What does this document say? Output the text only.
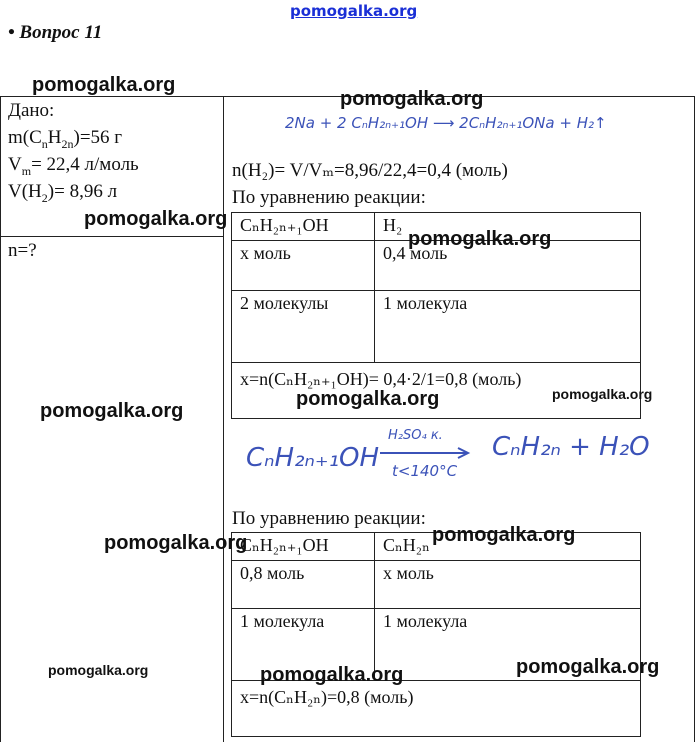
pomogalka.org
• Вопрос 11
Дано:
$m(C_nH_{2n})=56$ г
$V_m= 22,4$ л/моль
$V(H_2)= 8,96$ л
n=?
2Na + 2 CₙH₂ₙ₊₁OH ⟶ 2CₙH₂ₙ₊₁ONa + H₂↑
n(H₂)= V/Vₘ=8,96/22,4=0,4 (моль)
По уравнению реакции:
CₙH₂ₙ₊₁OH	H₂
x моль	0,4 моль
2 молекулы	1 молекула
x=n(CₙH₂ₙ₊₁OH)= 0,4·2/1=0,8 (моль)	
CₙH₂ₙ₊₁OH
H₂SO₄ к.
t<140°C
CₙH₂ₙ + H₂O
По уравнению реакции:
CₙH₂ₙ₊₁OH	CₙH₂ₙ
0,8 моль	x моль
1 молекула	1 молекула
x=n(CₙH₂ₙ)=0,8 (моль)	
pomogalka.org
pomogalka.org
pomogalka.org
pomogalka.org
pomogalka.org	pomogalka.org
pomogalka.org
pomogalka.org	pomogalka.org
pomogalka.org	pomogalka.org	pomogalka.org
